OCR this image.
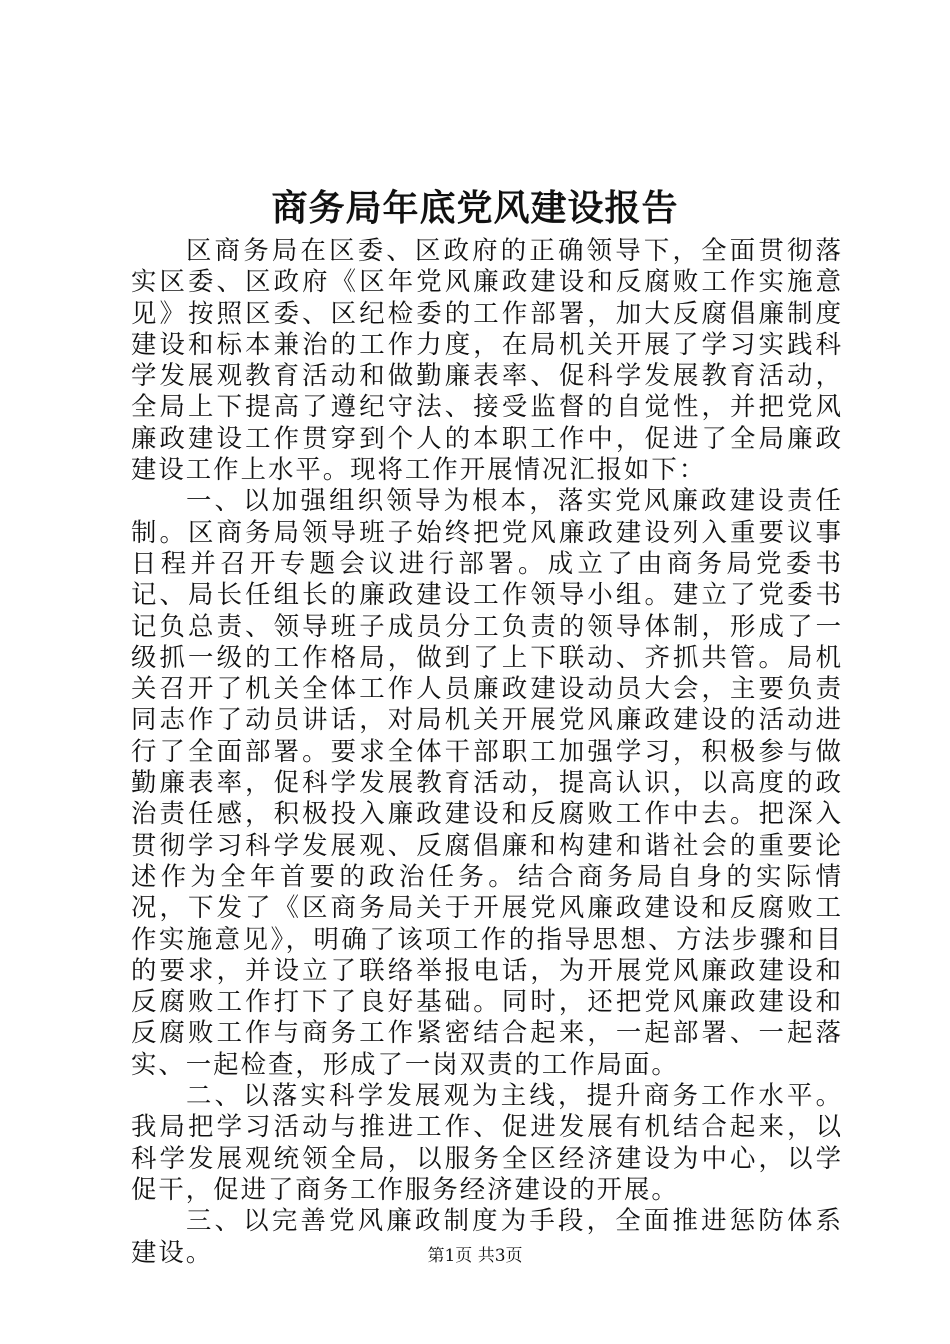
商务局年底党风建设报告

区商务局在区委、区政府的正确领导下，全面贯彻落实区委、区政府《区年党风廉政建设和反腐败工作实施意见》按照区委、区纪检委的工作部署，加大反腐倡廉制度建设和标本兼治的工作力度，在局机关开展了学习实践科学发展观教育活动和做勤廉表率、促科学发展教育活动，全局上下提高了遵纪守法、接受监督的自觉性，并把党风廉政建设工作贯穿到个人的本职工作中，促进了全局廉政建设工作上水平。现将工作开展情况汇报如下：

一、以加强组织领导为根本，落实党风廉政建设责任制。区商务局领导班子始终把党风廉政建设列入重要议事日程并召开专题会议进行部署。成立了由商务局党委书记、局长任组长的廉政建设工作领导小组。建立了党委书记负总责、领导班子成员分工负责的领导体制，形成了一级抓一级的工作格局，做到了上下联动、齐抓共管。局机关召开了机关全体工作人员廉政建设动员大会，主要负责同志作了动员讲话，对局机关开展党风廉政建设的活动进行了全面部署。要求全体干部职工加强学习，积极参与做勤廉表率，促科学发展教育活动，提高认识，以高度的政治责任感，积极投入廉政建设和反腐败工作中去。把深入贯彻学习科学发展观、反腐倡廉和构建和谐社会的重要论述作为全年首要的政治任务。结合商务局自身的实际情况，下发了《区商务局关于开展党风廉政建设和反腐败工作实施意见》，明确了该项工作的指导思想、方法步骤和目的要求，并设立了联络举报电话，为开展党风廉政建设和反腐败工作打下了良好基础。同时，还把党风廉政建设和反腐败工作与商务工作紧密结合起来，一起部署、一起落实、一起检查，形成了一岗双责的工作局面。

二、以落实科学发展观为主线，提升商务工作水平。我局把学习活动与推进工作、促进发展有机结合起来，以科学发展观统领全局，以服务全区经济建设为中心，以学促干，促进了商务工作服务经济建设的开展。

三、以完善党风廉政制度为手段，全面推进惩防体系建设。	第1页 共3页
